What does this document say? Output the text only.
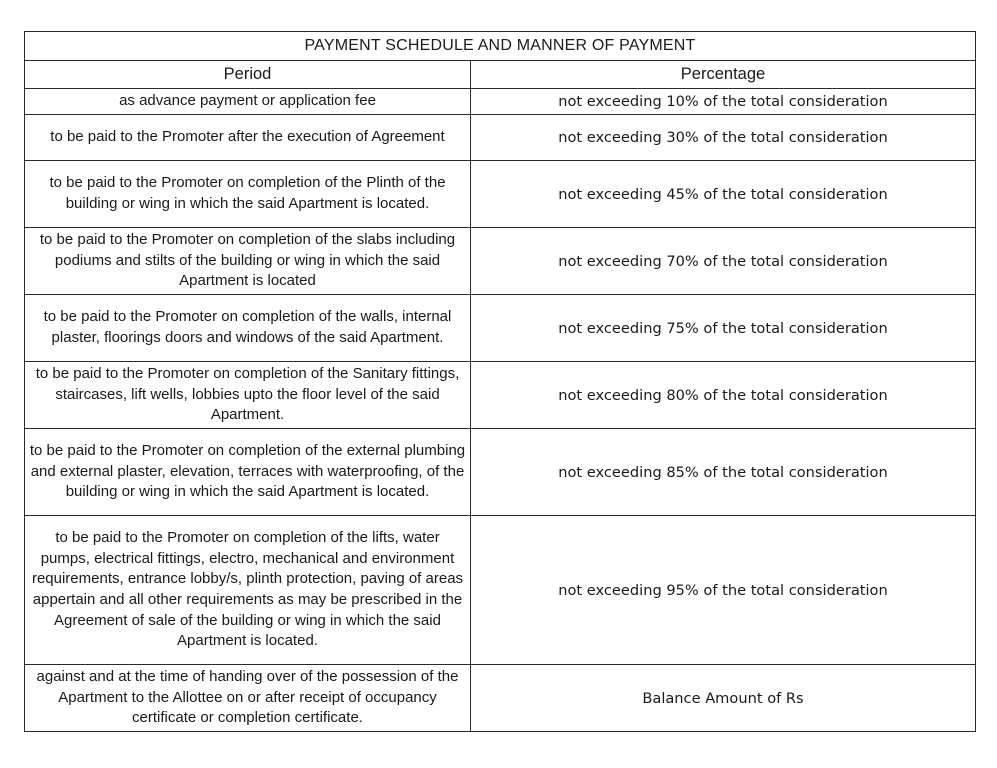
PAYMENT SCHEDULE AND MANNER OF PAYMENT	
Period	Percentage
as advance payment or application fee	not exceeding 10% of the total consideration
to be paid to the Promoter after the execution of Agreement	not exceeding 30% of the total consideration
to be paid to the Promoter on completion of the Plinth of the building or wing in which the said Apartment is located.	not exceeding 45% of the total consideration
to be paid to the Promoter on completion of the slabs including podiums and stilts of the building or wing in which the said Apartment is located	not exceeding 70% of the total consideration
to be paid to the Promoter on completion of the walls, internal plaster, floorings doors and windows of the said Apartment.	not exceeding 75% of the total consideration
to be paid to the Promoter on completion of the Sanitary fittings, staircases, lift wells, lobbies upto the floor level of the said Apartment.	not exceeding 80% of the total consideration
to be paid to the Promoter on completion of the external plumbing and external plaster, elevation, terraces with waterproofing, of the building or wing in which the said Apartment is located.	not exceeding 85% of the total consideration
to be paid to the Promoter on completion of the lifts, water pumps, electrical fittings, electro, mechanical and environment requirements, entrance lobby/s, plinth protection, paving of areas appertain and all other requirements as may be prescribed in the Agreement of sale of the building or wing in which the said Apartment is located.	not exceeding 95% of the total consideration
against and at the time of handing over of the possession of the Apartment to the Allottee on or after receipt of occupancy certificate or completion certificate.	Balance Amount of Rs
